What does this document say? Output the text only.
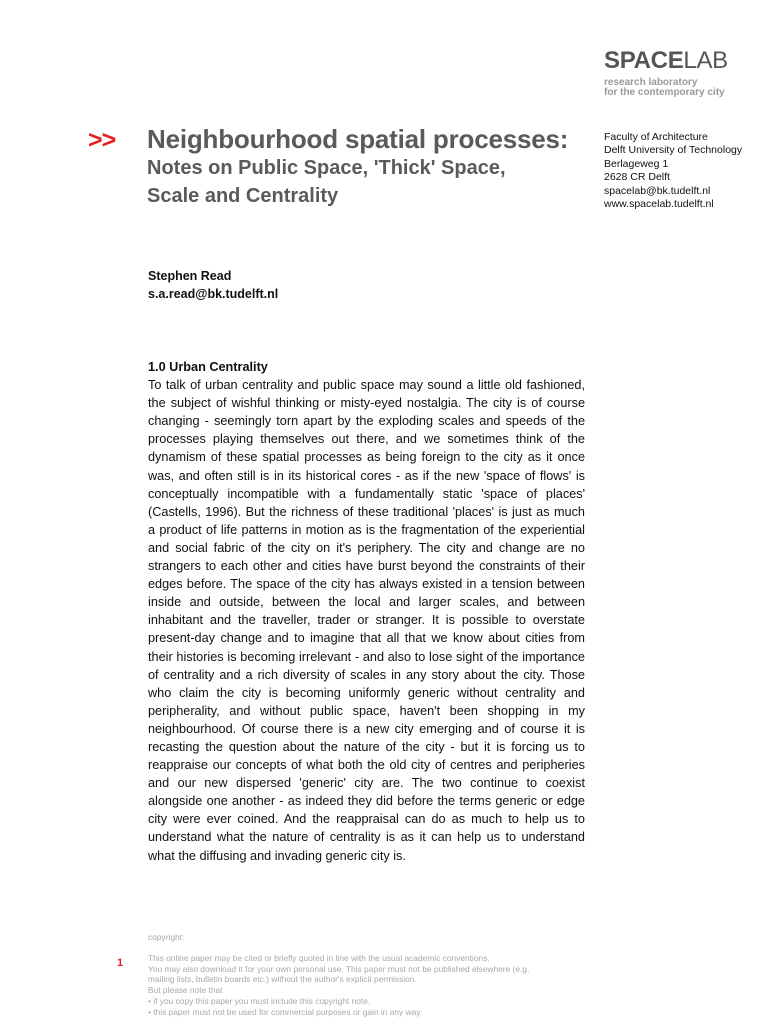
SPACELAB
research laboratory
for the contemporary city
>> Neighbourhood spatial processes:
Notes on Public Space, 'Thick' Space,
Scale and Centrality
Faculty of Architecture
Delft University of Technology
Berlageweg 1
2628 CR Delft
spacelab@bk.tudelft.nl
www.spacelab.tudelft.nl
Stephen Read
s.a.read@bk.tudelft.nl
1.0 Urban Centrality
To talk of urban centrality and public space may sound a little old fashioned, the subject of wishful thinking or misty-eyed nostalgia. The city is of course changing - seemingly torn apart by the exploding scales and speeds of the processes playing themselves out there, and we sometimes think of the dynamism of these spatial processes as being foreign to the city as it once was, and often still is in its historical cores - as if the new 'space of flows' is conceptually incompatible with a fundamentally static 'space of places' (Castells, 1996). But the richness of these traditional 'places' is just as much a product of life patterns in motion as is the fragmentation of the experiential and social fabric of the city on it's periphery. The city and change are no strangers to each other and cities have burst beyond the constraints of their edges before. The space of the city has always existed in a tension between inside and outside, between the local and larger scales, and between inhabitant and the traveller, trader or stranger. It is possible to overstate present-day change and to imagine that all that we know about cities from their histories is becoming irrelevant - and also to lose sight of the importance of centrality and a rich diversity of scales in any story about the city. Those who claim the city is becoming uniformly generic without centrality and peripherality, and without public space, haven't been shopping in my neighbourhood. Of course there is a new city emerging and of course it is recasting the question about the nature of the city - but it is forcing us to reappraise our concepts of what both the old city of centres and peripheries and our new dispersed 'generic' city are. The two continue to coexist alongside one another - as indeed they did before the terms generic or edge city were ever coined. And the reappraisal can do as much to help us to understand what the nature of centrality is as it can help us to understand what the diffusing and invading generic city is.
copyright:
This online paper may be cited or briefly quoted in line with the usual academic conventions.
You may also download it for your own personal use. This paper must not be published elsewhere (e.g.
mailing lists, bulletin boards etc.) without the author's explicit permission.
But please note that
• if you copy this paper you must include this copyright note.
• this paper must not be used for commercial purposes or gain in any way.
1
